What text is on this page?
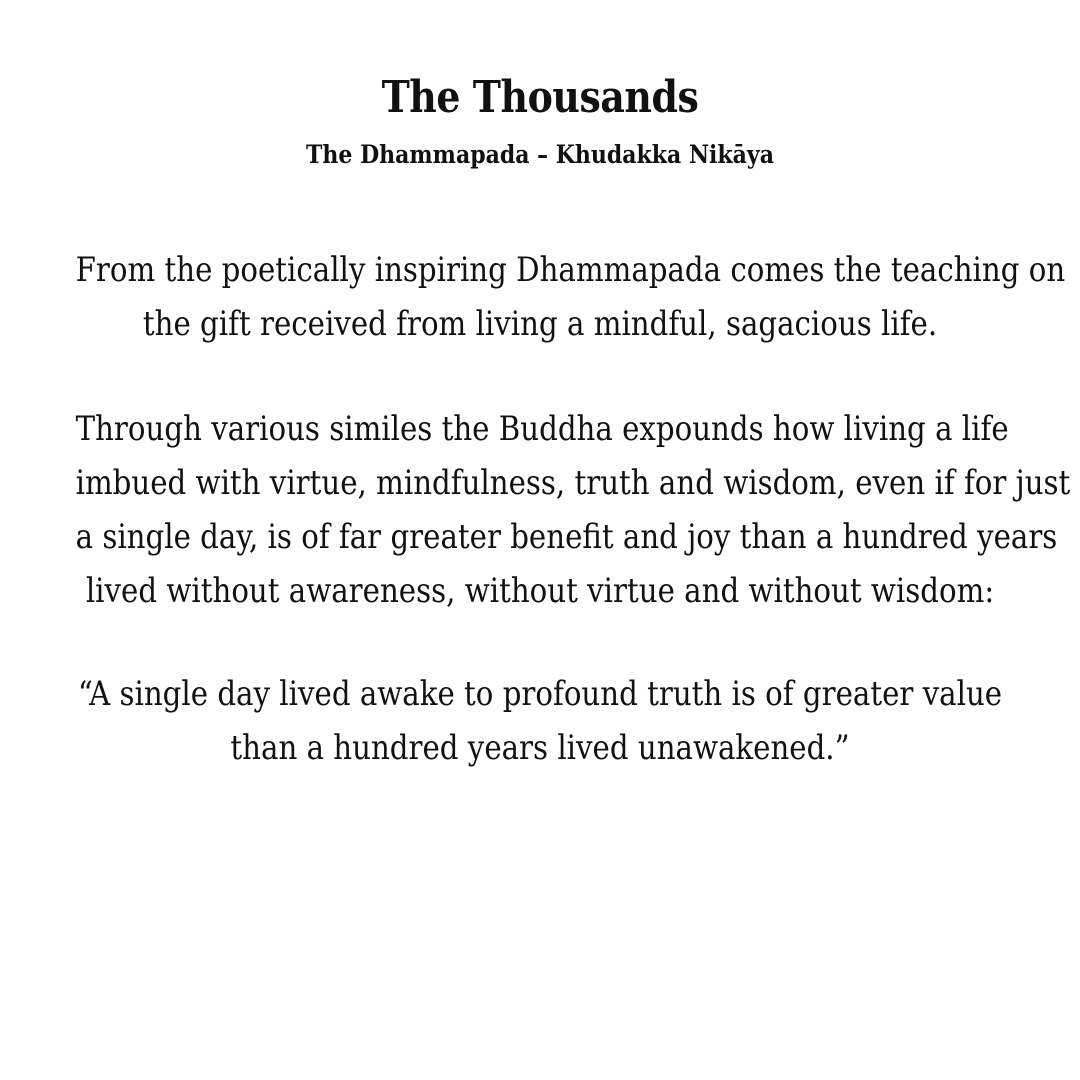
The Thousands
The Dhammapada – Khudakka Nikāya

From the poetically inspiring Dhammapada comes the teaching on
the gift received from living a mindful, sagacious life.

Through various similes the Buddha expounds how living a life
imbued with virtue, mindfulness, truth and wisdom, even if for just
a single day, is of far greater benefit and joy than a hundred years
lived without awareness, without virtue and without wisdom:

“A single day lived awake to profound truth is of greater value
than a hundred years lived unawakened.”
